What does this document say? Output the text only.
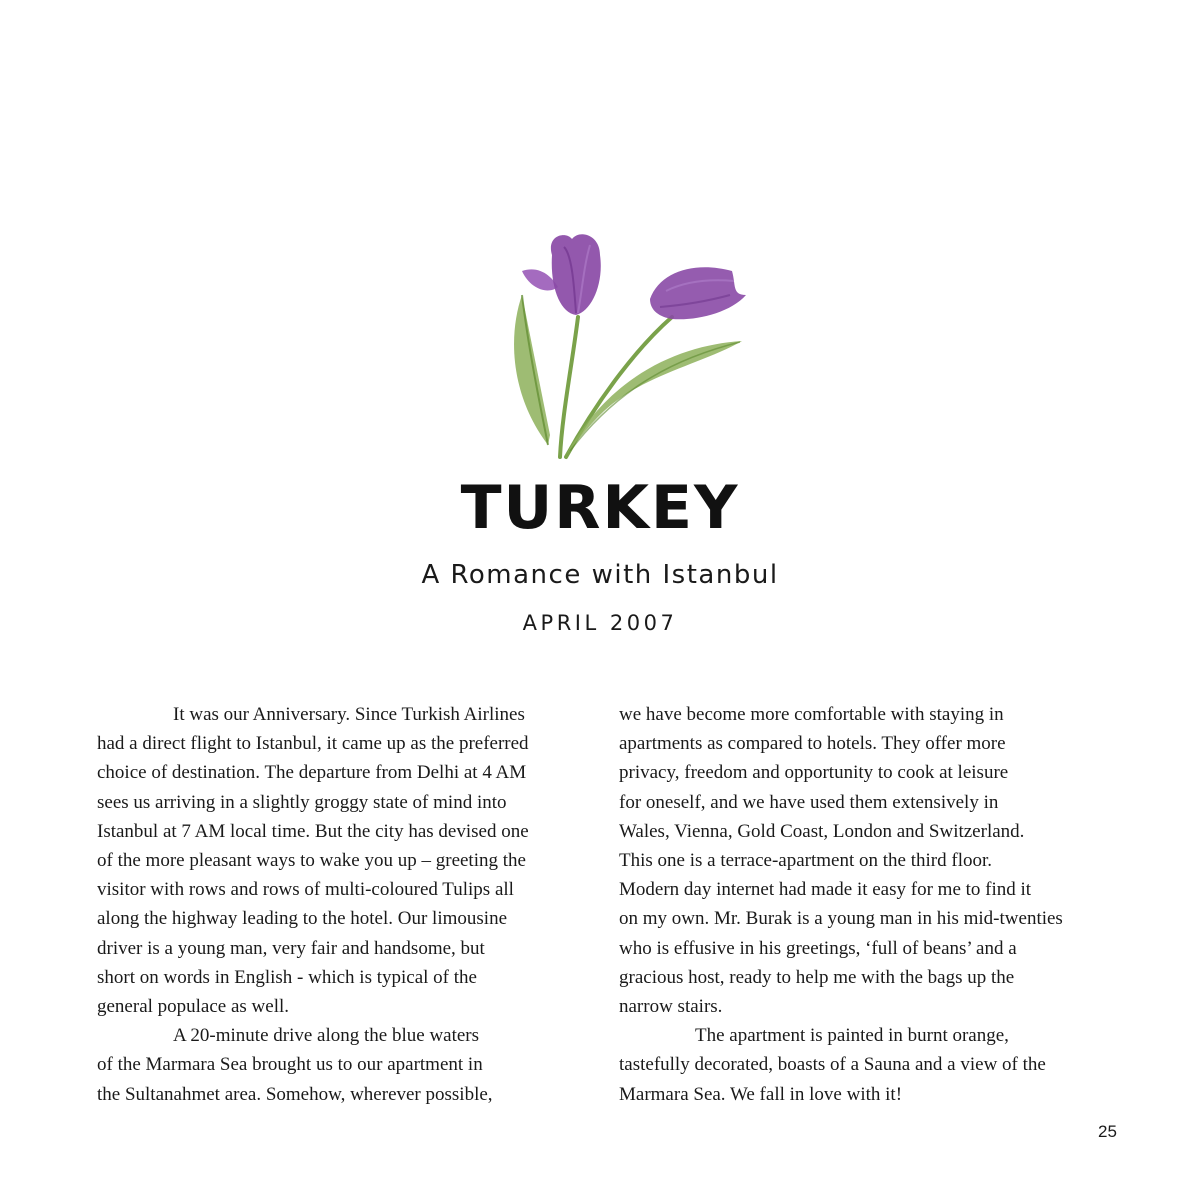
TURKEY
A Romance with Istanbul
APRIL 2007
It was our Anniversary. Since Turkish Airlines
had a direct flight to Istanbul, it came up as the preferred
choice of destination. The departure from Delhi at 4 AM
sees us arriving in a slightly groggy state of mind into
Istanbul at 7 AM local time. But the city has devised one
of the more pleasant ways to wake you up – greeting the
visitor with rows and rows of multi-coloured Tulips all
along the highway leading to the hotel. Our limousine
driver is a young man, very fair and handsome, but
short on words in English - which is typical of the
general populace as well.
A 20-minute drive along the blue waters
of the Marmara Sea brought us to our apartment in
the Sultanahmet area. Somehow, wherever possible,
we have become more comfortable with staying in
apartments as compared to hotels. They offer more
privacy, freedom and opportunity to cook at leisure
for oneself, and we have used them extensively in
Wales, Vienna, Gold Coast, London and Switzerland.
This one is a terrace-apartment on the third floor.
Modern day internet had made it easy for me to find it
on my own. Mr. Burak is a young man in his mid-twenties
who is effusive in his greetings, ‘full of beans’ and a
gracious host, ready to help me with the bags up the
narrow stairs.
The apartment is painted in burnt orange,
tastefully decorated, boasts of a Sauna and a view of the
Marmara Sea. We fall in love with it!
25
